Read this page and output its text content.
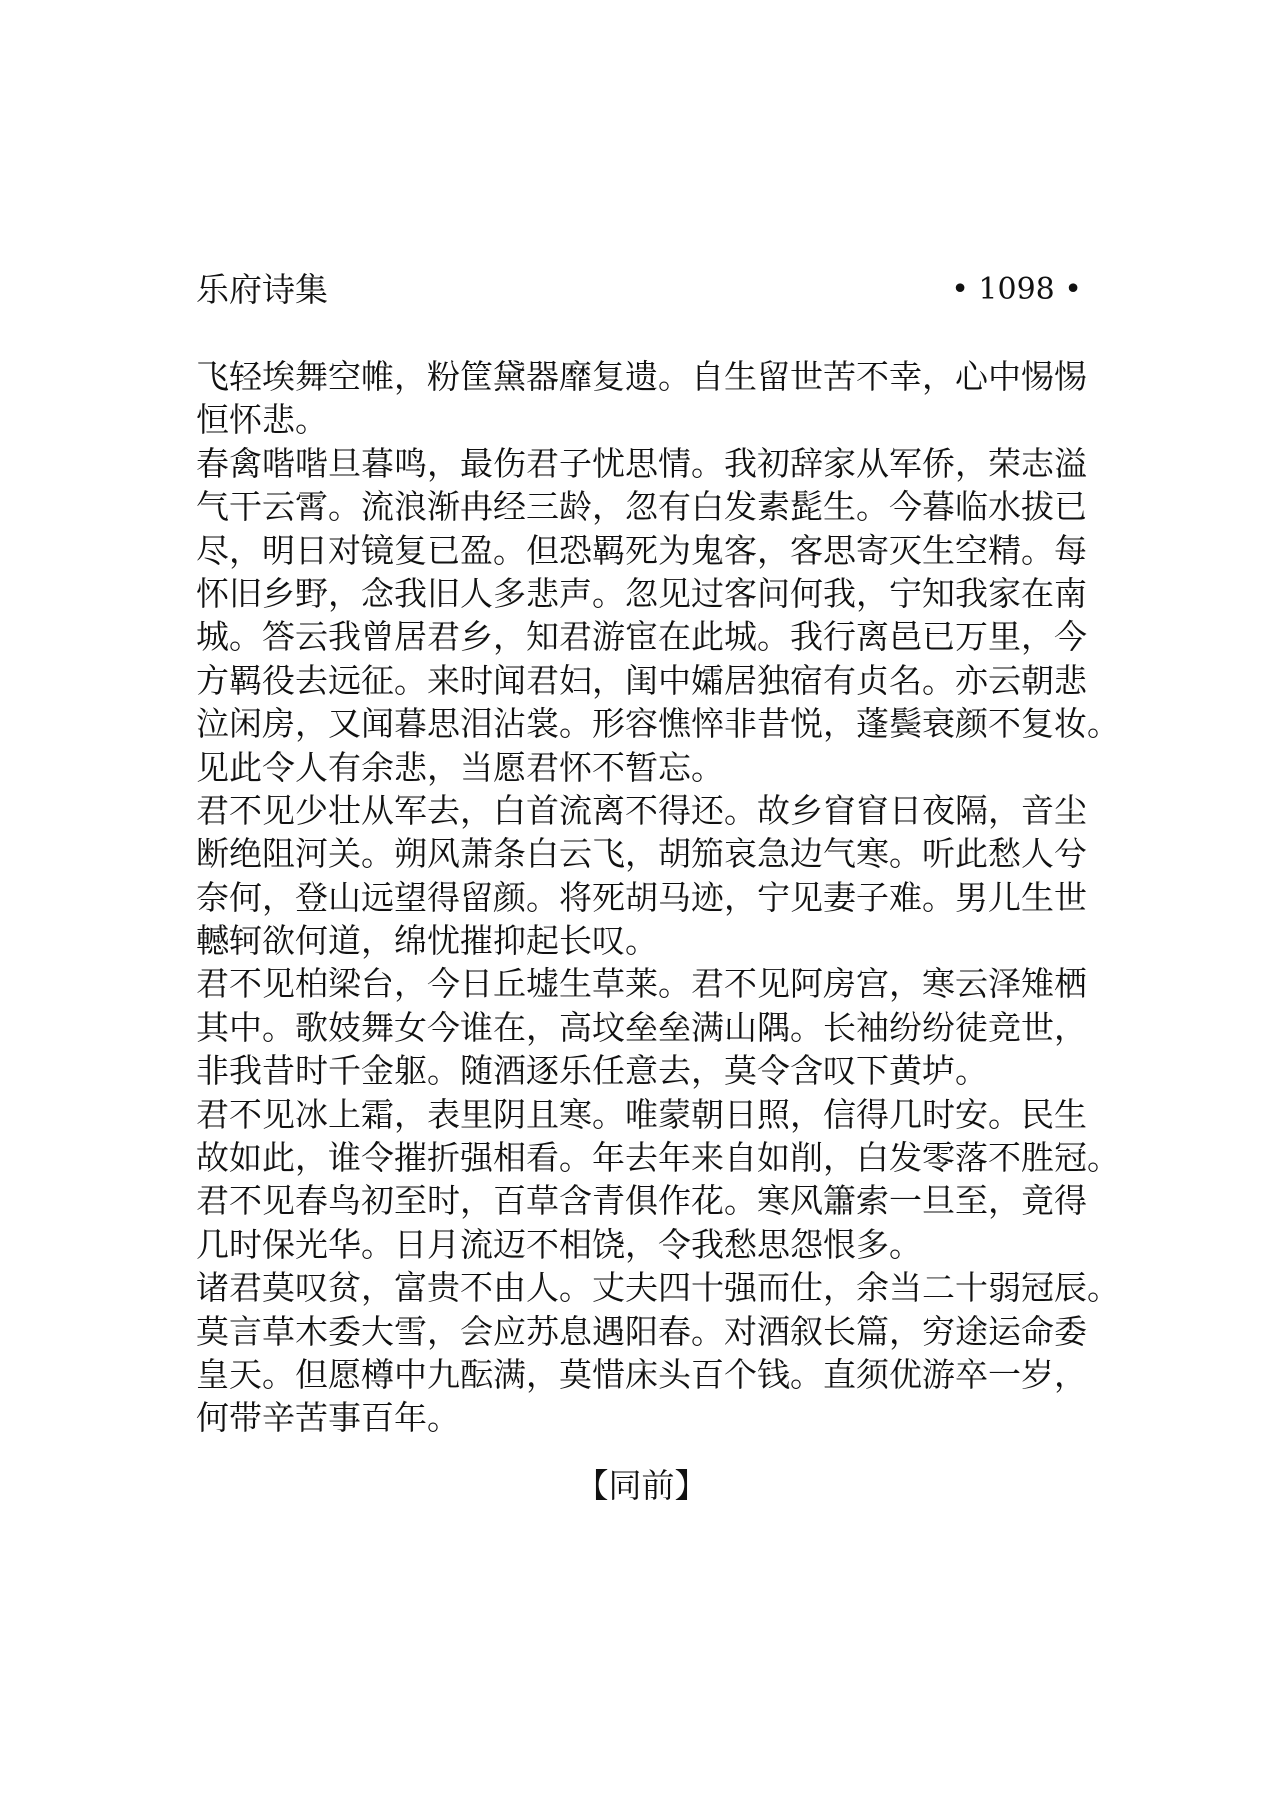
乐府诗集	• 1098 •
飞轻埃舞空帷，粉筐黛器靡复遗。自生留世苦不幸，心中惕惕
恒怀悲。
春禽喈喈旦暮鸣，最伤君子忧思情。我初辞家从军侨，荣志溢
气干云霄。流浪渐冉经三龄，忽有白发素髭生。今暮临水拔已
尽，明日对镜复已盈。但恐羁死为鬼客，客思寄灭生空精。每
怀旧乡野，念我旧人多悲声。忽见过客问何我，宁知我家在南
城。答云我曾居君乡，知君游宦在此城。我行离邑已万里，今
方羁役去远征。来时闻君妇，闺中孀居独宿有贞名。亦云朝悲
泣闲房，又闻暮思泪沾裳。形容憔悴非昔悦，蓬鬓衰颜不复妆。
见此令人有余悲，当愿君怀不暂忘。
君不见少壮从军去，白首流离不得还。故乡窅窅日夜隔，音尘
断绝阻河关。朔风萧条白云飞，胡笳哀急边气寒。听此愁人兮
奈何，登山远望得留颜。将死胡马迹，宁见妻子难。男儿生世
轗轲欲何道，绵忧摧抑起长叹。
君不见柏梁台，今日丘墟生草莱。君不见阿房宫，寒云泽雉栖
其中。歌妓舞女今谁在，高坟垒垒满山隅。长袖纷纷徒竞世，
非我昔时千金躯。随酒逐乐任意去，莫令含叹下黄垆。
君不见冰上霜，表里阴且寒。唯蒙朝日照，信得几时安。民生
故如此，谁令摧折强相看。年去年来自如削，白发零落不胜冠。
君不见春鸟初至时，百草含青俱作花。寒风簫索一旦至，竟得
几时保光华。日月流迈不相饶，令我愁思怨恨多。
诸君莫叹贫，富贵不由人。丈夫四十强而仕，余当二十弱冠辰。
莫言草木委大雪，会应苏息遇阳春。对酒叙长篇，穷途运命委
皇天。但愿樽中九酝满，莫惜床头百个钱。直须优游卒一岁，
何带辛苦事百年。
【同前】
